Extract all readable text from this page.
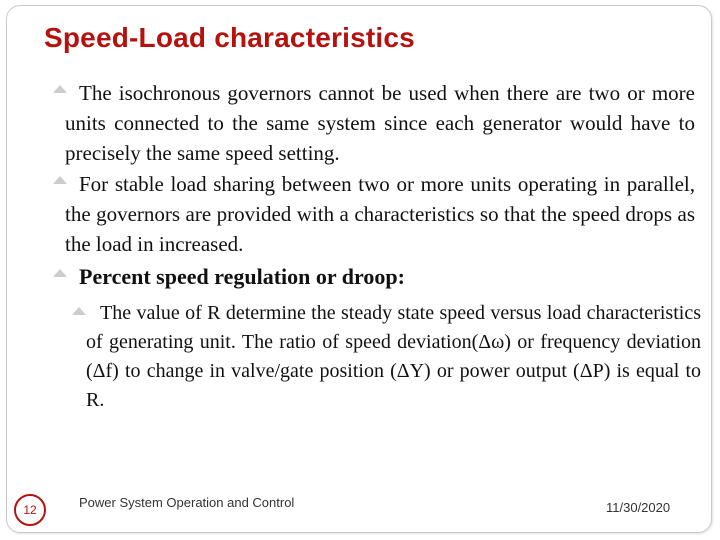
Speed-Load characteristics

The isochronous governors cannot be used when there are two or more units connected to the same system since each generator would have to precisely the same speed setting.

For stable load sharing between two or more units operating in parallel, the governors are provided with a characteristics so that the speed drops as the load in increased.

Percent speed regulation or droop:

The value of R determine the steady state speed versus load characteristics of generating unit. The ratio of speed deviation(Δω) or frequency deviation (Δf) to change in valve/gate position (ΔY) or power output (ΔP) is equal to R.

12	Power System Operation and Control	11/30/2020
